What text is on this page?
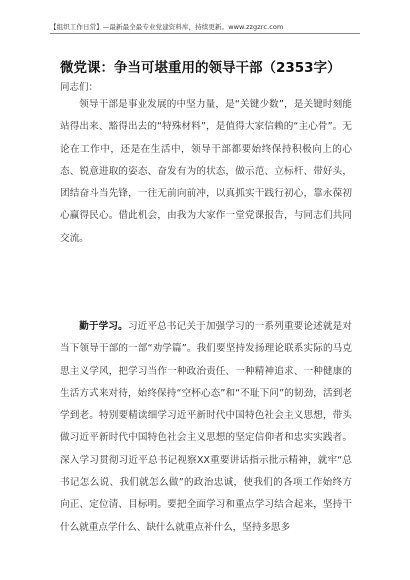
【组织工作日常】—最新最全最专业党建资料库，持续更新。www.zzgzrc.com
微党课：争当可堪重用的领导干部（2353字）
同志们：
领导干部是事业发展的中坚力量，是“关键少数”，是关键时刻能站得出来、豁得出去的“特殊材料”，是值得大家信赖的“主心骨”。无论在工作中，还是在生活中，领导干部都要始终保持积极向上的心态、锐意进取的姿态、奋发有为的状态，做示范、立标杆、带好头，团结奋斗当先锋，一往无前向前冲，以真抓实干践行初心，靠永葆初心赢得民心。借此机会，由我为大家作一堂党课报告，与同志们共同交流。
勤于学习。习近平总书记关于加强学习的一系列重要论述就是对当下领导干部的一部“劝学篇”。我们要坚持发扬理论联系实际的马克思主义学风，把学习当作一种政治责任、一种精神追求、一种健康的生活方式来对待，始终保持“空杯心态”和“不耻下问”的韧劲，活到老学到老。特别要精读细学习近平新时代中国特色社会主义思想，带头做习近平新时代中国特色社会主义思想的坚定信仰者和忠实实践者。深入学习贯彻习近平总书记视察XX重要讲话指示批示精神，就牢“总书记怎么说、我们就怎么做”的政治忠诚，使我们的各项工作始终方向正、定位清、目标明。要把全面学习和重点学习结合起来，坚持干什么就重点学什么、缺什么就重点补什么，坚持多思多
